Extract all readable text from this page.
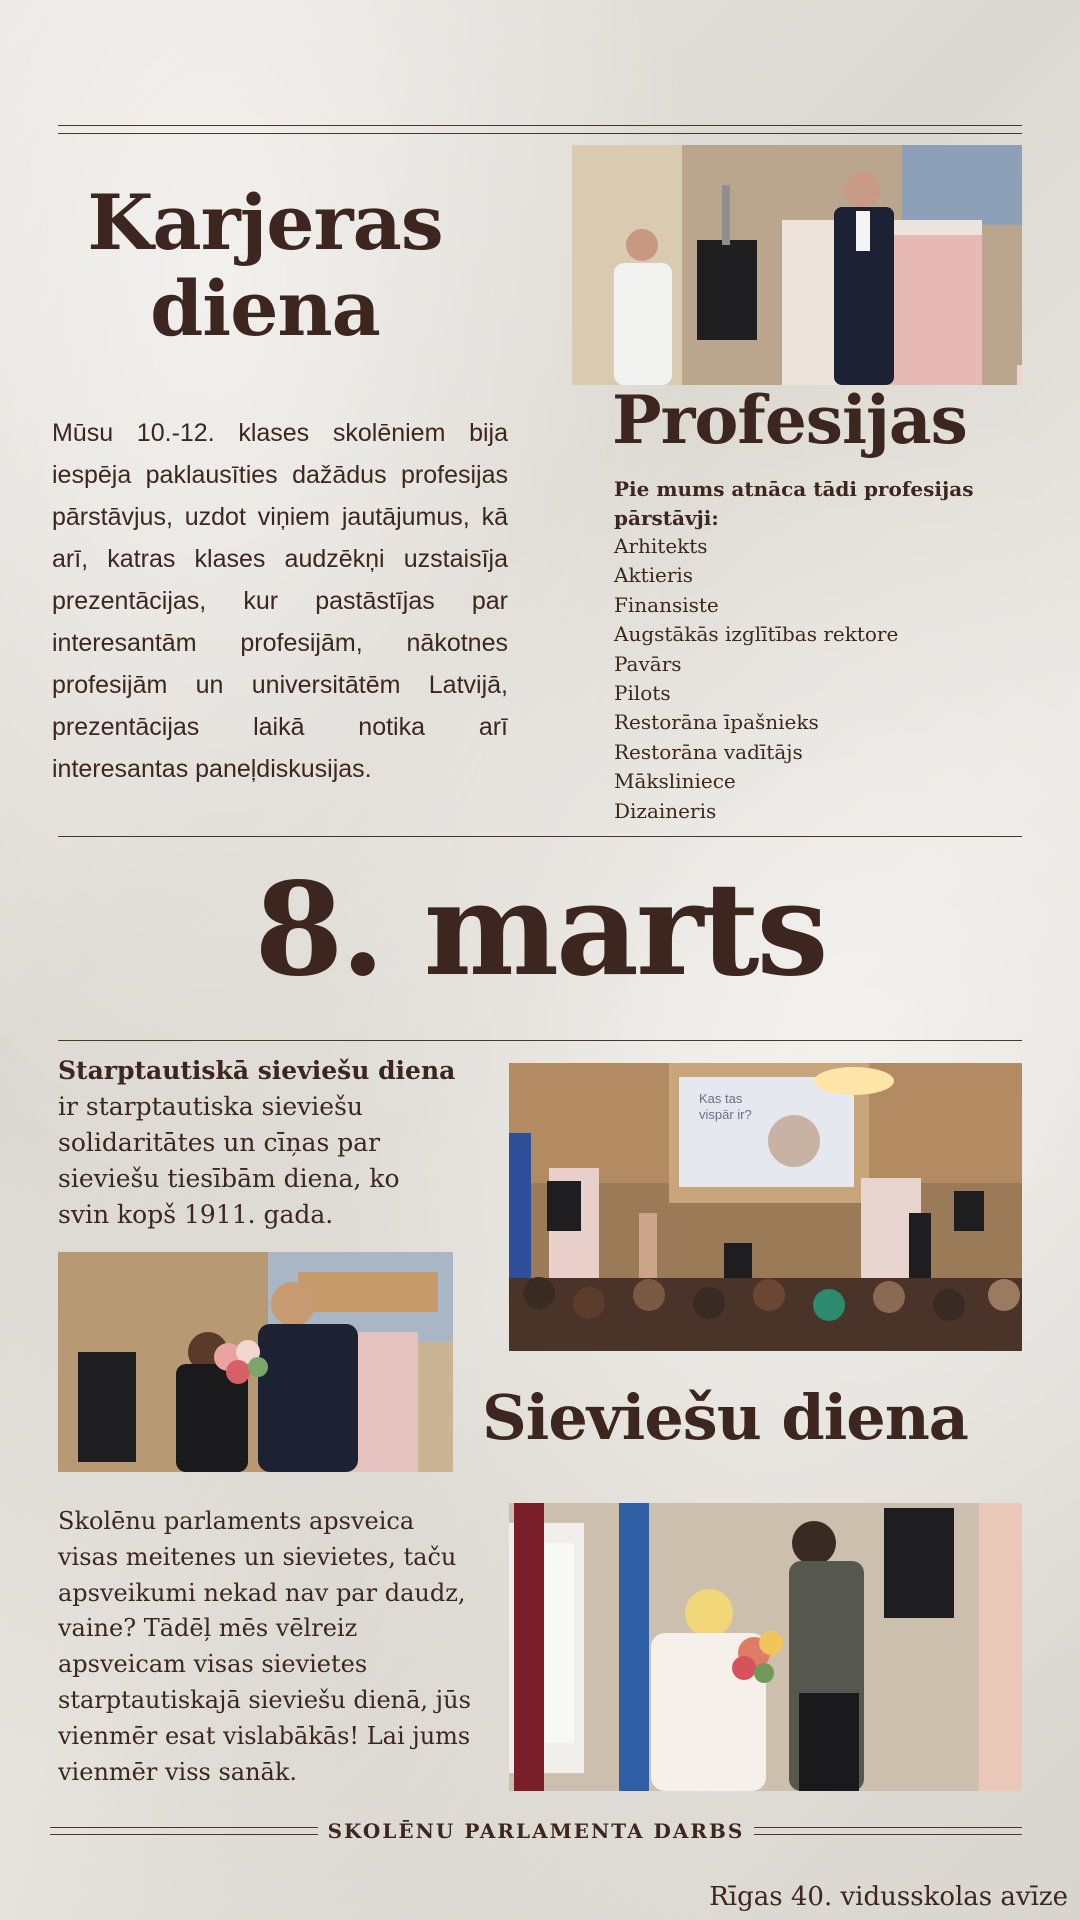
Karjeras
diena

Mūsu 10.-12. klases skolēniem bija iespēja paklausīties dažādus profesijas pārstāvjus, uzdot viņiem jautājumus, kā arī, katras klases audzēkņi uzstaisīja prezentācijas, kur pastāstījas par interesantām profesijām, nākotnes profesijām un universitātēm Latvijā, prezentācijas laikā notika arī interesantas paneļdiskusijas.

Profesijas
Pie mums atnāca tādi profesijas pārstāvji:
Arhitekts
Aktieris
Finansiste
Augstākās izglītības rektore
Pavārs
Pilots
Restorāna īpašnieks
Restorāna vadītājs
Mākslinieсe
Dizaineris
8. marts
Starptautiskā sieviešu diena ir starptautiska sieviešu solidaritātes un cīņas par sieviešu tiesībām diena, ko svin kopš 1911. gada.
Kas tas vispār ir?
Sieviešu diena

Skolēnu parlaments apsveica visas meitenes un sievietes, taču apsveikumi nekad nav par daudz, vaine? Tādēļ mēs vēlreiz apsveicam visas sievietes starptautiskajā sieviešu dienā, jūs vienmēr esat vislabākās! Lai jums vienmēr viss sanāk.

SKOLĒNU PARLAMENTA DARBS
Rīgas 40. vidusskolas avīze
